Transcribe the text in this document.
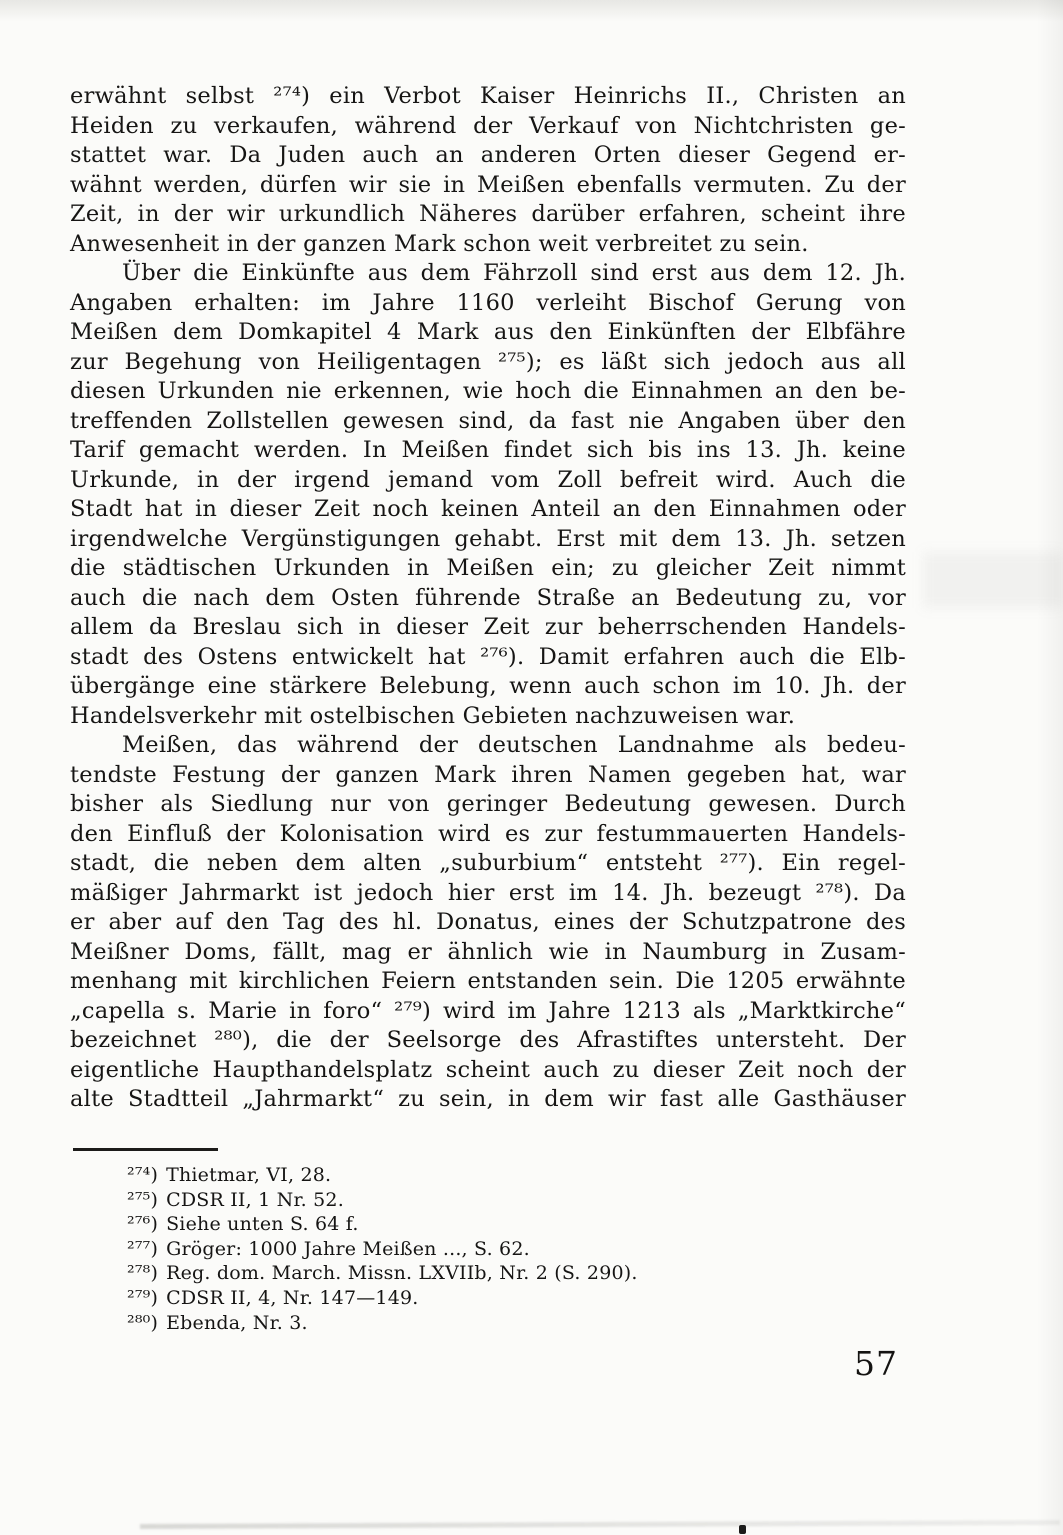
erwähnt selbst ²⁷⁴) ein Verbot Kaiser Heinrichs II., Christen an
Heiden zu verkaufen, während der Verkauf von Nichtchristen ge-
stattet war. Da Juden auch an anderen Orten dieser Gegend er-
wähnt werden, dürfen wir sie in Meißen ebenfalls vermuten. Zu der
Zeit, in der wir urkundlich Näheres darüber erfahren, scheint ihre
Anwesenheit in der ganzen Mark schon weit verbreitet zu sein.
Über die Einkünfte aus dem Fährzoll sind erst aus dem 12. Jh.
Angaben erhalten: im Jahre 1160 verleiht Bischof Gerung von
Meißen dem Domkapitel 4 Mark aus den Einkünften der Elbfähre
zur Begehung von Heiligentagen ²⁷⁵); es läßt sich jedoch aus all
diesen Urkunden nie erkennen, wie hoch die Einnahmen an den be-
treffenden Zollstellen gewesen sind, da fast nie Angaben über den
Tarif gemacht werden. In Meißen findet sich bis ins 13. Jh. keine
Urkunde, in der irgend jemand vom Zoll befreit wird. Auch die
Stadt hat in dieser Zeit noch keinen Anteil an den Einnahmen oder
irgendwelche Vergünstigungen gehabt. Erst mit dem 13. Jh. setzen
die städtischen Urkunden in Meißen ein; zu gleicher Zeit nimmt
auch die nach dem Osten führende Straße an Bedeutung zu, vor
allem da Breslau sich in dieser Zeit zur beherrschenden Handels-
stadt des Ostens entwickelt hat ²⁷⁶). Damit erfahren auch die Elb-
übergänge eine stärkere Belebung, wenn auch schon im 10. Jh. der
Handelsverkehr mit ostelbischen Gebieten nachzuweisen war.
Meißen, das während der deutschen Landnahme als bedeu-
tendste Festung der ganzen Mark ihren Namen gegeben hat, war
bisher als Siedlung nur von geringer Bedeutung gewesen. Durch
den Einfluß der Kolonisation wird es zur festummauerten Handels-
stadt, die neben dem alten „suburbium“ entsteht ²⁷⁷). Ein regel-
mäßiger Jahrmarkt ist jedoch hier erst im 14. Jh. bezeugt ²⁷⁸). Da
er aber auf den Tag des hl. Donatus, eines der Schutzpatrone des
Meißner Doms, fällt, mag er ähnlich wie in Naumburg in Zusam-
menhang mit kirchlichen Feiern entstanden sein. Die 1205 erwähnte
„capella s. Marie in foro“ ²⁷⁹) wird im Jahre 1213 als „Marktkirche“
bezeichnet ²⁸⁰), die der Seelsorge des Afrastiftes untersteht. Der
eigentliche Haupthandelsplatz scheint auch zu dieser Zeit noch der
alte Stadtteil „Jahrmarkt“ zu sein, in dem wir fast alle Gasthäuser
²⁷⁴) Thietmar, VI, 28.
²⁷⁵) CDSR II, 1 Nr. 52.
²⁷⁶) Siehe unten S. 64 f.
²⁷⁷) Gröger: 1000 Jahre Meißen ..., S. 62.
²⁷⁸) Reg. dom. March. Missn. LXVIIb, Nr. 2 (S. 290).
²⁷⁹) CDSR II, 4, Nr. 147—149.
²⁸⁰) Ebenda, Nr. 3.
57
